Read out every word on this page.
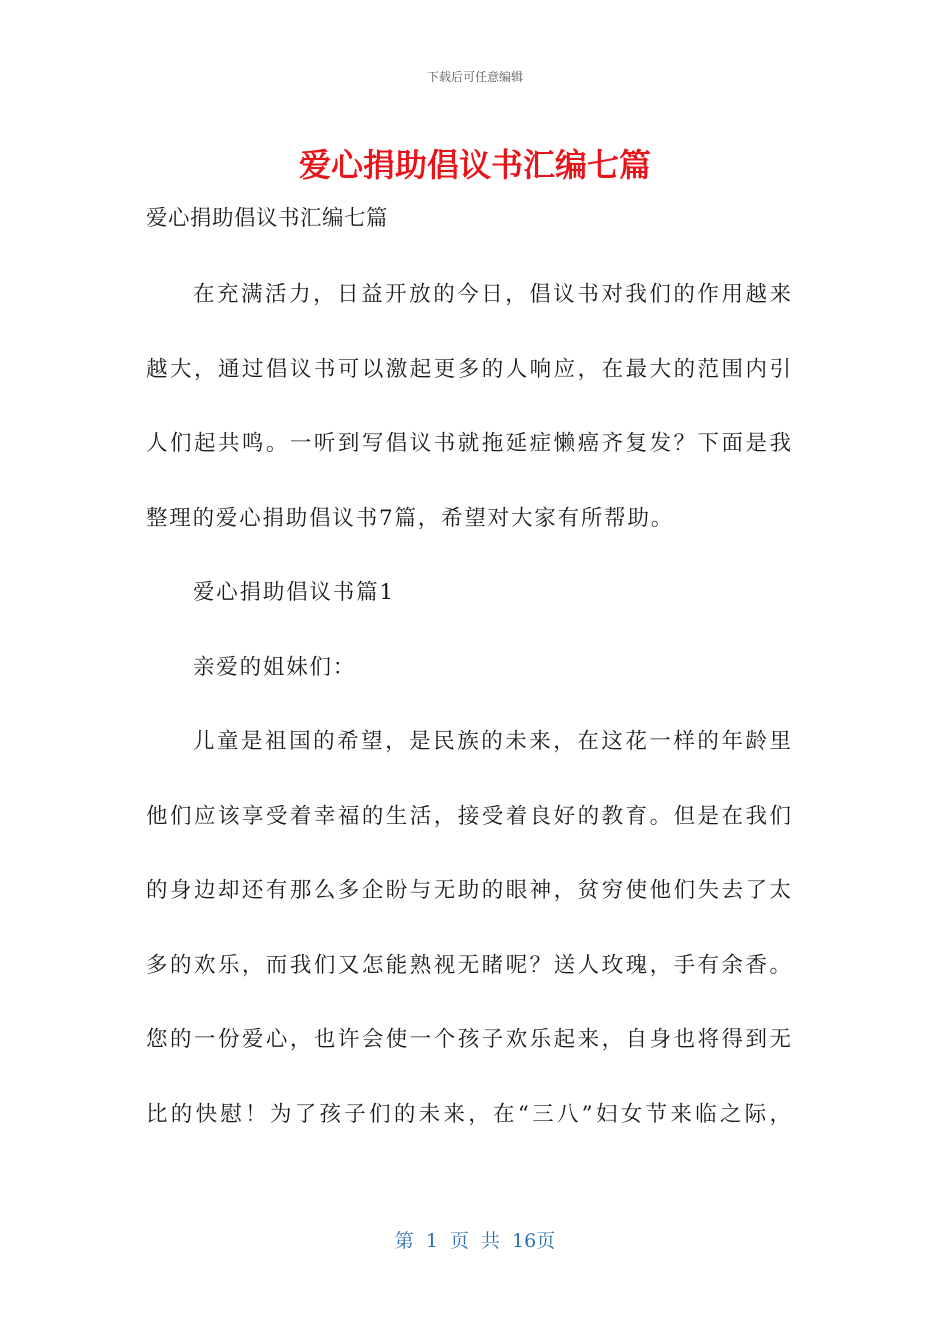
下载后可任意编辑
爱心捐助倡议书汇编七篇
爱心捐助倡议书汇编七篇
在充满活力，日益开放的今日，倡议书对我们的作用越来
越大，通过倡议书可以激起更多的人响应，在最大的范围内引
人们起共鸣。一听到写倡议书就拖延症懒癌齐复发？下面是我
整理的爱心捐助倡议书7篇，希望对大家有所帮助。
爱心捐助倡议书篇1
亲爱的姐妹们：
儿童是祖国的希望，是民族的未来，在这花一样的年龄里
他们应该享受着幸福的生活，接受着良好的教育。但是在我们
的身边却还有那么多企盼与无助的眼神，贫穷使他们失去了太
多的欢乐，而我们又怎能熟视无睹呢？送人玫瑰，手有余香。
您的一份爱心，也许会使一个孩子欢乐起来，自身也将得到无
比的快慰！为了孩子们的未来，在“三八”妇女节来临之际，
第 1 页 共 16页
